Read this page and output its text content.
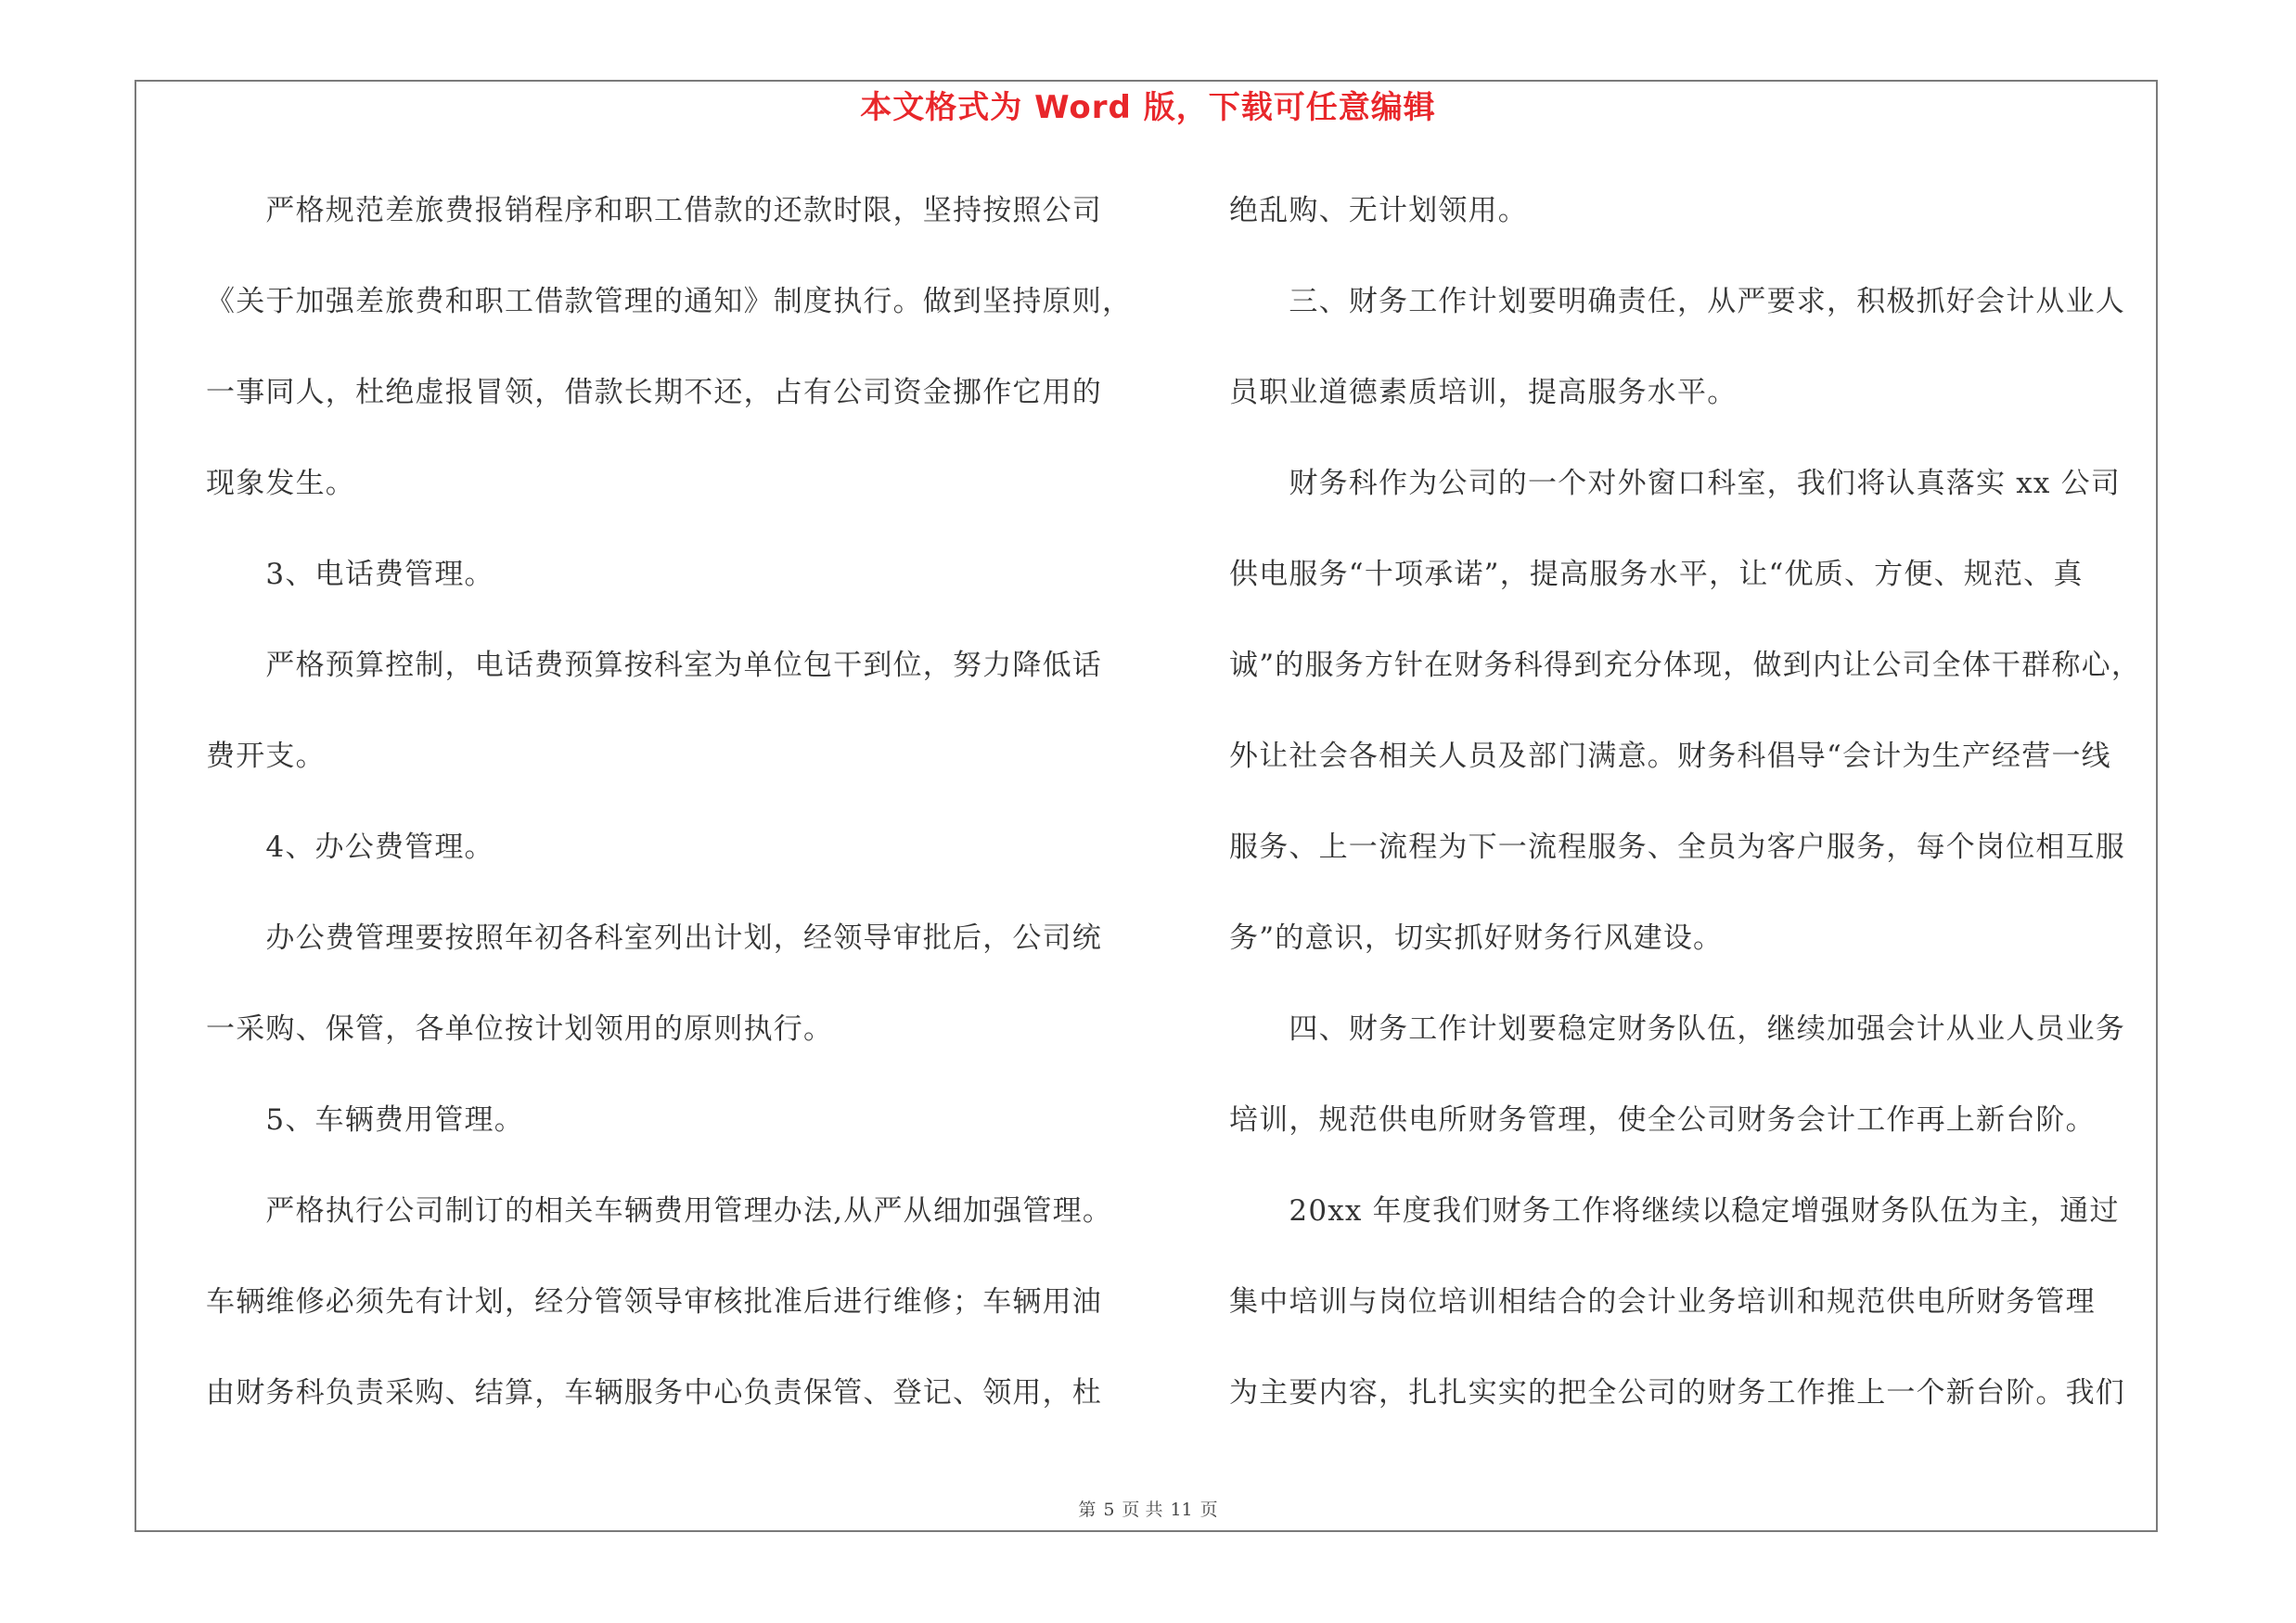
本文格式为 Word 版，下载可任意编辑
　　严格规范差旅费报销程序和职工借款的还款时限，坚持按照公司
《关于加强差旅费和职工借款管理的通知》制度执行。做到坚持原则，
一事同人，杜绝虚报冒领，借款长期不还，占有公司资金挪作它用的
现象发生。
　　3、电话费管理。
　　严格预算控制，电话费预算按科室为单位包干到位，努力降低话
费开支。
　　4、办公费管理。
　　办公费管理要按照年初各科室列出计划，经领导审批后，公司统
一采购、保管，各单位按计划领用的原则执行。
　　5、车辆费用管理。
　　严格执行公司制订的相关车辆费用管理办法,从严从细加强管理。
车辆维修必须先有计划，经分管领导审核批准后进行维修；车辆用油
由财务科负责采购、结算，车辆服务中心负责保管、登记、领用，杜
绝乱购、无计划领用。
　　三、财务工作计划要明确责任，从严要求，积极抓好会计从业人
员职业道德素质培训，提高服务水平。
　　财务科作为公司的一个对外窗口科室，我们将认真落实 xx 公司
供电服务“十项承诺”，提高服务水平，让“优质、方便、规范、真
诚”的服务方针在财务科得到充分体现，做到内让公司全体干群称心，
外让社会各相关人员及部门满意。财务科倡导“会计为生产经营一线
服务、上一流程为下一流程服务、全员为客户服务，每个岗位相互服
务”的意识，切实抓好财务行风建设。
　　四、财务工作计划要稳定财务队伍，继续加强会计从业人员业务
培训，规范供电所财务管理，使全公司财务会计工作再上新台阶。
　　20xx 年度我们财务工作将继续以稳定增强财务队伍为主，通过
集中培训与岗位培训相结合的会计业务培训和规范供电所财务管理
为主要内容，扎扎实实的把全公司的财务工作推上一个新台阶。我们
第 5 页 共 11 页
